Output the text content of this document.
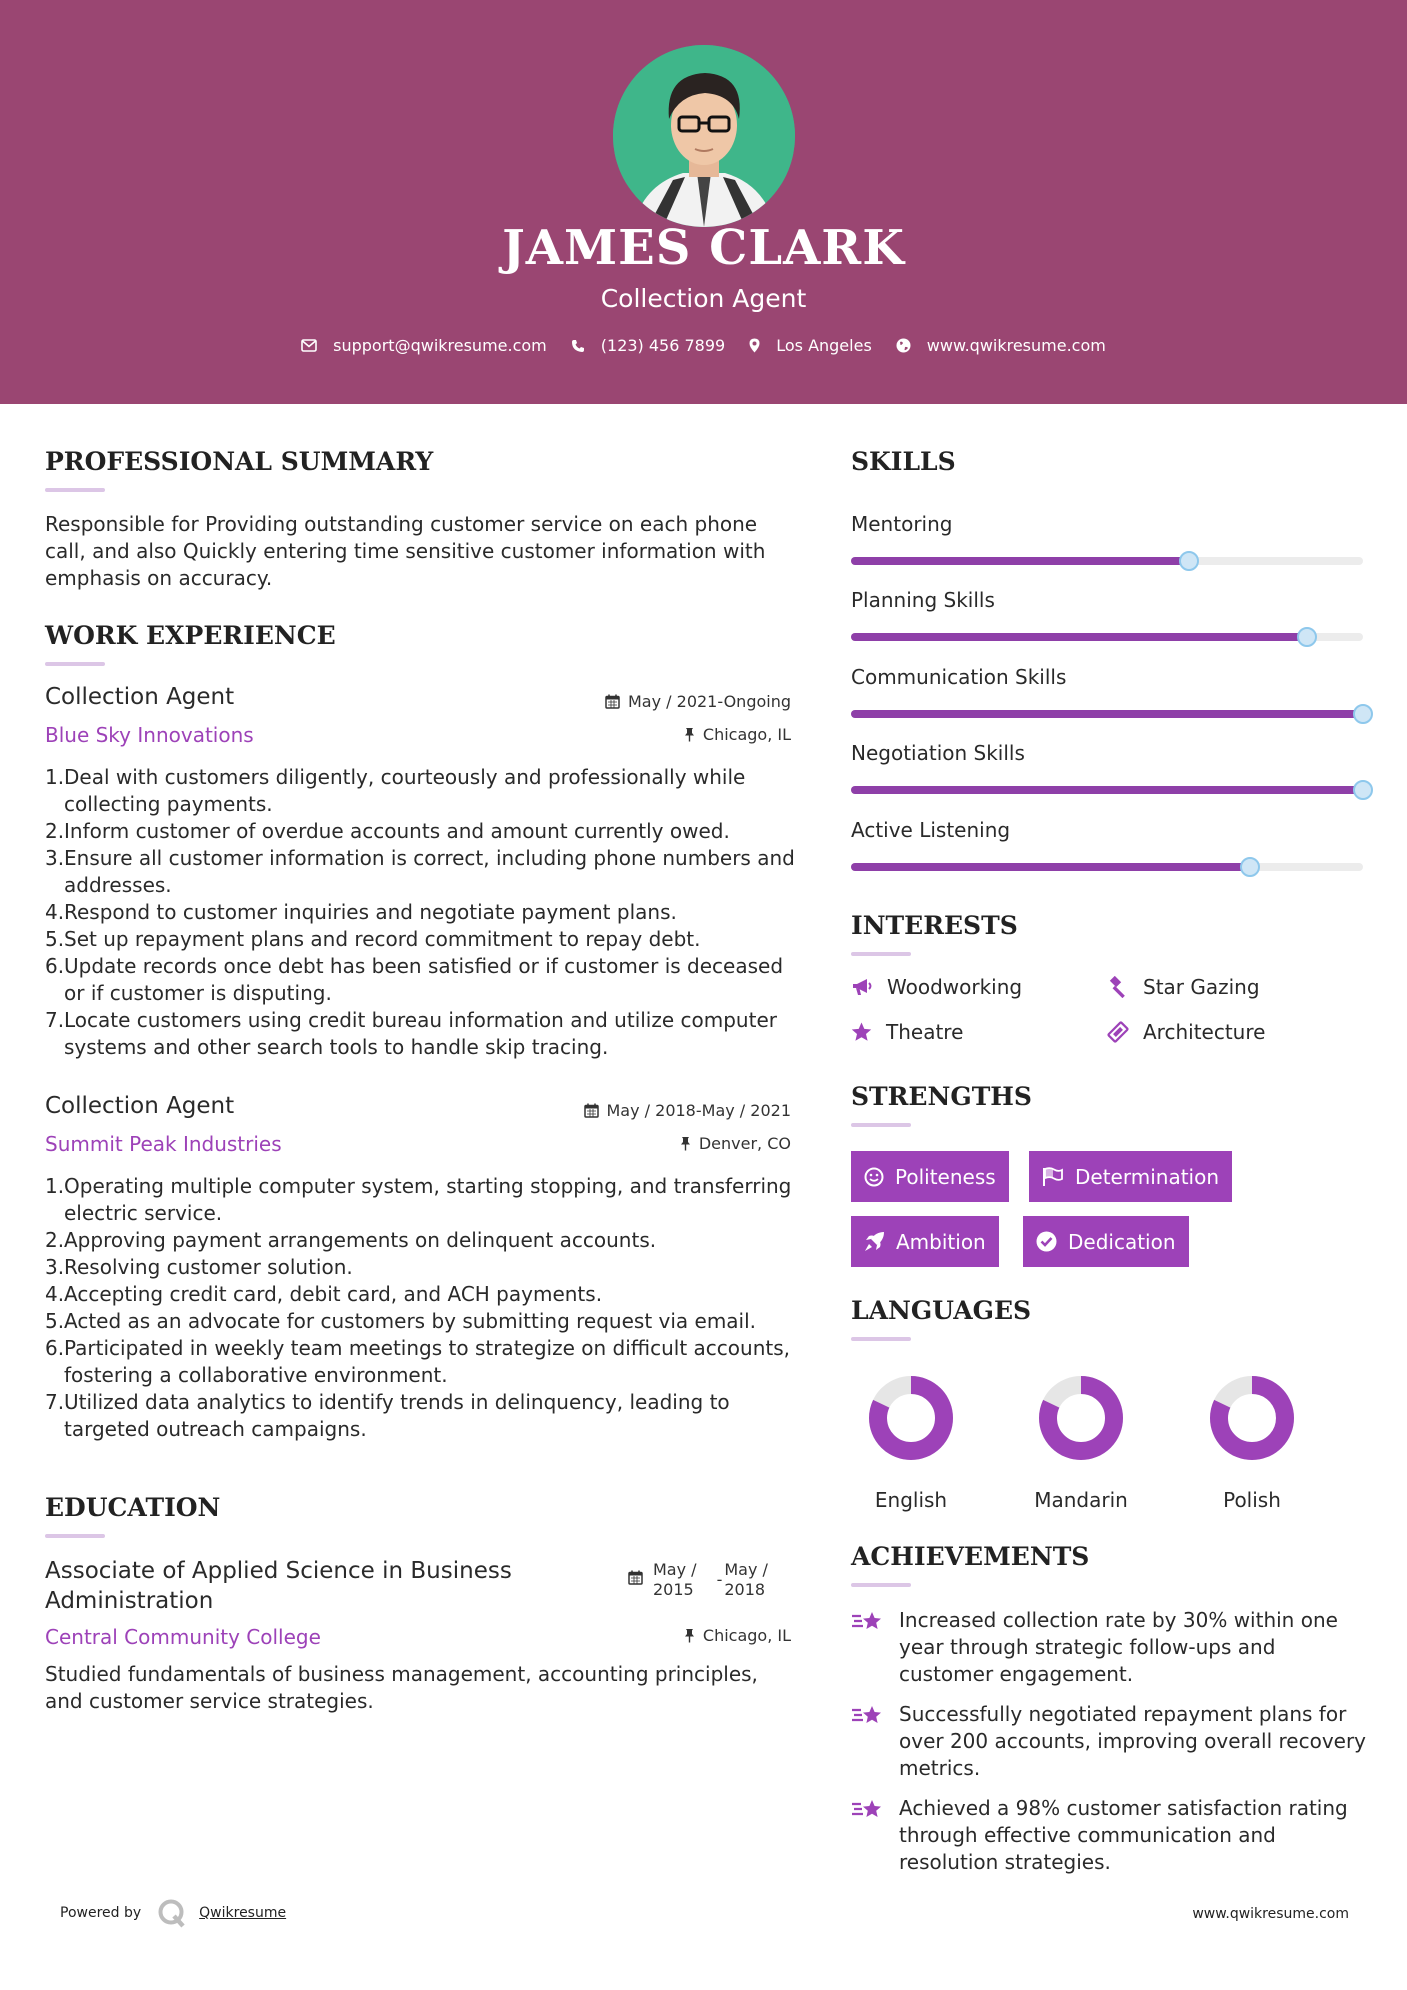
JAMES CLARK
Collection Agent
support@qwikresume.com	(123) 456 7899	Los Angeles	www.qwikresume.com
PROFESSIONAL SUMMARY
Responsible for Providing outstanding customer service on each phone call, and also Quickly entering time sensitive customer information with emphasis on accuracy.
WORK EXPERIENCE
Collection Agent	May / 2021-Ongoing
Blue Sky Innovations	Chicago, IL
1. Deal with customers diligently, courteously and professionally while collecting payments.
2. Inform customer of overdue accounts and amount currently owed.
3. Ensure all customer information is correct, including phone numbers and addresses.
4. Respond to customer inquiries and negotiate payment plans.
5. Set up repayment plans and record commitment to repay debt.
6. Update records once debt has been satisfied or if customer is deceased or if customer is disputing.
7. Locate customers using credit bureau information and utilize computer systems and other search tools to handle skip tracing.
Collection Agent	May / 2018-May / 2021
Summit Peak Industries	Denver, CO
1. Operating multiple computer system, starting stopping, and transferring electric service.
2. Approving payment arrangements on delinquent accounts.
3. Resolving customer solution.
4. Accepting credit card, debit card, and ACH payments.
5. Acted as an advocate for customers by submitting request via email.
6. Participated in weekly team meetings to strategize on difficult accounts, fostering a collaborative environment.
7. Utilized data analytics to identify trends in delinquency, leading to targeted outreach campaigns.
EDUCATION
Associate of Applied Science in Business
Administration
May /
2015
-
May /
2018
Central Community College	Chicago, IL
Studied fundamentals of business management, accounting principles, and customer service strategies.
SKILLS
Mentoring
Planning Skills
Communication Skills
Negotiation Skills
Active Listening
INTERESTS
Woodworking	Star Gazing
Theatre	Architecture
STRENGTHS
Politeness	Determination
Ambition	Dedication
LANGUAGES
English	Mandarin	Polish
ACHIEVEMENTS
Increased collection rate by 30% within one year through strategic follow-ups and customer engagement.
Successfully negotiated repayment plans for over 200 accounts, improving overall recovery metrics.
Achieved a 98% customer satisfaction rating through effective communication and resolution strategies.
Powered by	Qwikresume	www.qwikresume.com
